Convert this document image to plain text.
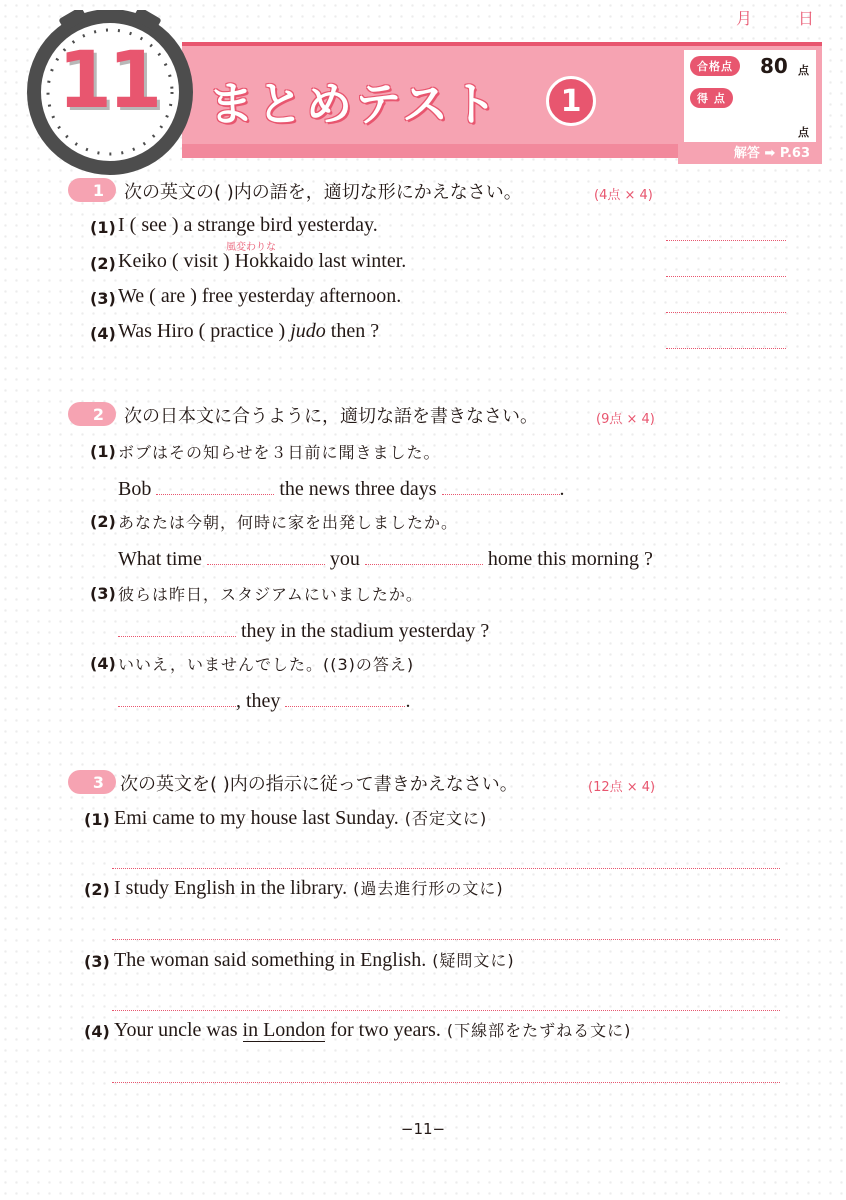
月	日
11 まとめテスト	1
合格点	80 点
得 点
点
解答 ➡ P.63
1	次の英文の( )内の語を，適切な形にかえなさい。	(4点 × 4)
(1) I ( see ) a strange bird yesterday.
風変わりな
(2) Keiko ( visit ) Hokkaido last winter.
(3) We ( are ) free yesterday afternoon.
(4) Was Hiro ( practice ) judo then ?
2	次の日本文に合うように，適切な語を書きなさい。	(9点 × 4)
(1) ボブはその知らせを３日前に聞きました。
Bob	the news three days	.
(2) あなたは今朝，何時に家を出発しましたか。
What time	you	home this morning ?
(3) 彼らは昨日，スタジアムにいましたか。
they in the stadium yesterday ?
(4) いいえ，いませんでした。((3)の答え)
, they	.
3 次の英文を( )内の指示に従って書きかえなさい。	(12点 × 4)
(1) Emi came to my house last Sunday. (否定文に)
(2) I study English in the library. (過去進行形の文に)
(3) The woman said something in English. (疑問文に)
(4) Your uncle was in London for two years. (下線部をたずねる文に)
−11−
